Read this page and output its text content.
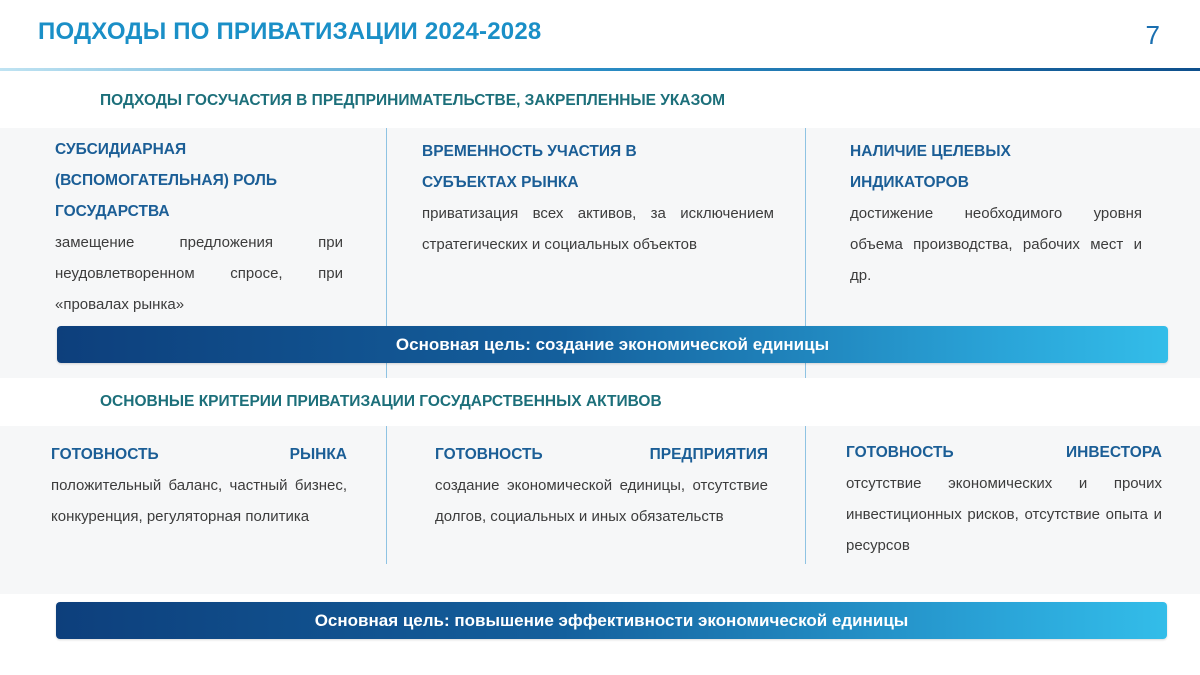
ПОДХОДЫ ПО ПРИВАТИЗАЦИИ 2024-2028	7
ПОДХОДЫ ГОСУЧАСТИЯ В ПРЕДПРИНИМАТЕЛЬСТВЕ, ЗАКРЕПЛЕННЫЕ УКАЗОМ
СУБСИДИАРНАЯ
(ВСПОМОГАТЕЛЬНАЯ) РОЛЬ
ГОСУДАРСТВА
замещение предложения при неудовлетворенном спросе, при «провалах рынка»
ВРЕМЕННОСТЬ УЧАСТИЯ В
СУБЪЕКТАХ РЫНКА
приватизация всех активов, за исключением стратегических и социальных объектов
НАЛИЧИЕ ЦЕЛЕВЫХ
ИНДИКАТОРОВ
достижение необходимого уровня объема производства, рабочих мест и др.
Основная цель: создание экономической единицы
ОСНОВНЫЕ КРИТЕРИИ ПРИВАТИЗАЦИИ ГОСУДАРСТВЕННЫХ АКТИВОВ
ГОТОВНОСТЬ РЫНКА
положительный баланс, частный бизнес, конкуренция, регуляторная политика
ГОТОВНОСТЬ ПРЕДПРИЯТИЯ
создание экономической единицы, отсутствие долгов, социальных и иных обязательств
ГОТОВНОСТЬ ИНВЕСТОРА
отсутствие экономических и прочих инвестиционных рисков, отсутствие опыта и ресурсов
Основная цель: повышение эффективности экономической единицы
